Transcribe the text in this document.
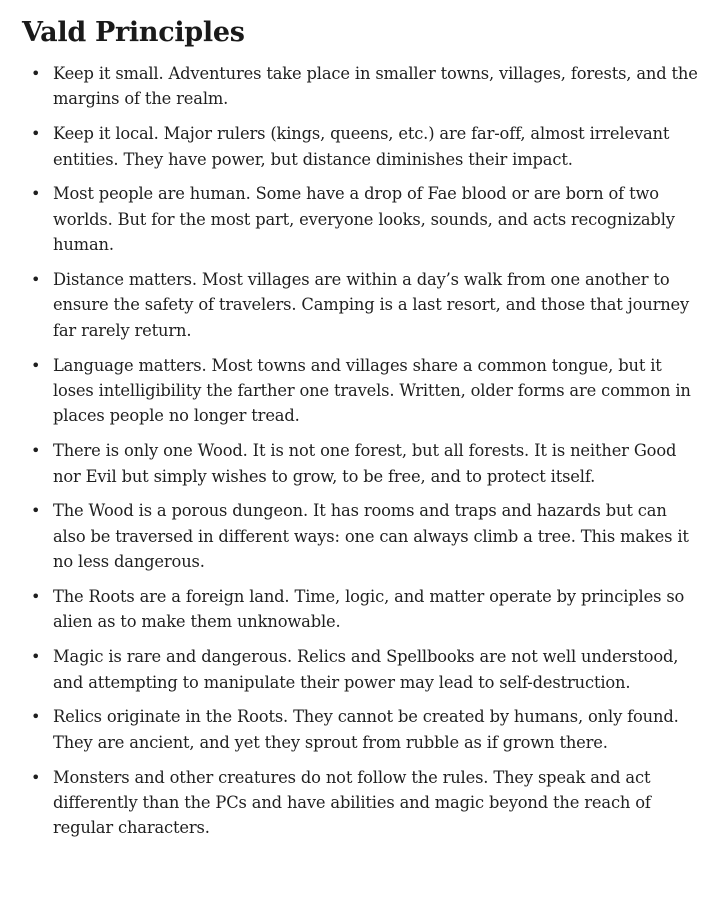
Vald Principles
• Keep it small. Adventures take place in smaller towns, villages, forests, and the margins of the realm.
• Keep it local. Major rulers (kings, queens, etc.) are far-off, almost irrelevant entities. They have power, but distance diminishes their impact.
• Most people are human. Some have a drop of Fae blood or are born of two worlds. But for the most part, everyone looks, sounds, and acts recognizably human.
• Distance matters. Most villages are within a day’s walk from one another to ensure the safety of travelers. Camping is a last resort, and those that journey far rarely return.
• Language matters. Most towns and villages share a common tongue, but it loses intelligibility the farther one travels. Written, older forms are common in places people no longer tread.
• There is only one Wood. It is not one forest, but all forests. It is neither Good nor Evil but simply wishes to grow, to be free, and to protect itself.
• The Wood is a porous dungeon. It has rooms and traps and hazards but can also be traversed in different ways: one can always climb a tree. This makes it no less dangerous.
• The Roots are a foreign land. Time, logic, and matter operate by principles so alien as to make them unknowable.
• Magic is rare and dangerous. Relics and Spellbooks are not well understood, and attempting to manipulate their power may lead to self-destruction.
• Relics originate in the Roots. They cannot be created by humans, only found. They are ancient, and yet they sprout from rubble as if grown there.
• Monsters and other creatures do not follow the rules. They speak and act differently than the PCs and have abilities and magic beyond the reach of regular characters.
